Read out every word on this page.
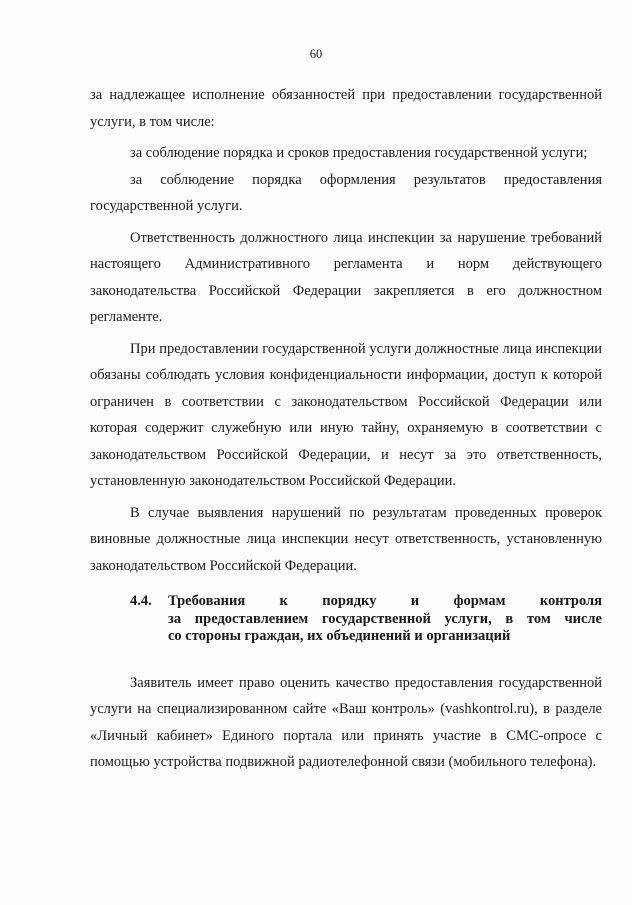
60

за надлежащее исполнение обязанностей при предоставлении государственной услуги, в том числе:

за соблюдение порядка и сроков предоставления государственной услуги;

за соблюдение порядка оформления результатов предоставления государственной услуги.

Ответственность должностного лица инспекции за нарушение требований настоящего Административного регламента и норм действующего законодательства Российской Федерации закрепляется в его должностном регламенте.

При предоставлении государственной услуги должностные лица инспекции обязаны соблюдать условия конфиденциальности информации, доступ к которой ограничен в соответствии с законодательством Российской Федерации или которая содержит служебную или иную тайну, охраняемую в соответствии с законодательством Российской Федерации, и несут за это ответственность, установленную законодательством Российской Федерации.

В случае выявления нарушений по результатам проведенных проверок виновные должностные лица инспекции несут ответственность, установленную законодательством Российской Федерации.

4.4.	Требования к порядку и формам контроля
за предоставлением государственной услуги, в том числе
со стороны граждан, их объединений и организаций

Заявитель имеет право оценить качество предоставления государственной услуги на специализированном сайте «Ваш контроль» (vashkontrol.ru), в разделе «Личный кабинет» Единого портала или принять участие в СМС-опросе с помощью устройства подвижной радиотелефонной связи (мобильного телефона).
